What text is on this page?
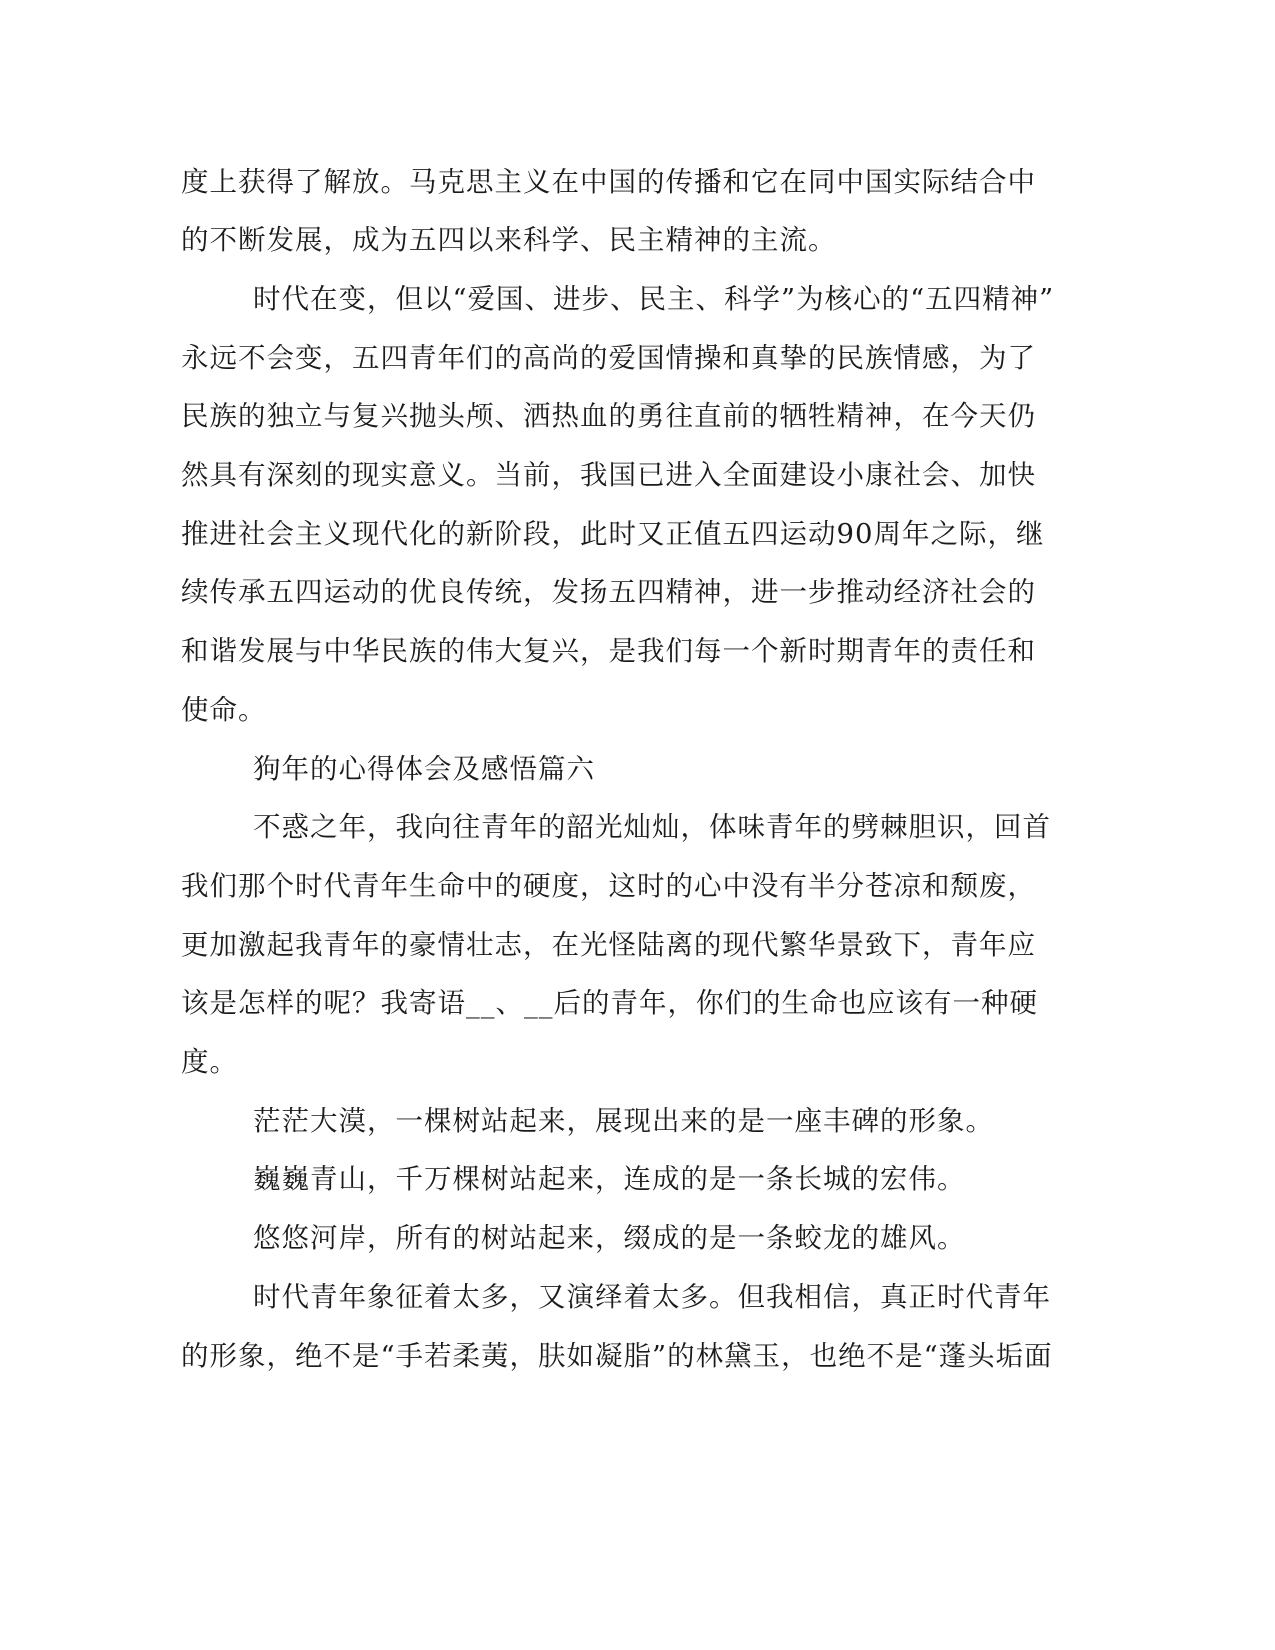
度上获得了解放。马克思主义在中国的传播和它在同中国实际结合中
的不断发展，成为五四以来科学、民主精神的主流。
时代在变，但以“爱国、进步、民主、科学”为核心的“五四精神”
永远不会变，五四青年们的高尚的爱国情操和真挚的民族情感，为了
民族的独立与复兴抛头颅、洒热血的勇往直前的牺牲精神，在今天仍
然具有深刻的现实意义。当前，我国已进入全面建设小康社会、加快
推进社会主义现代化的新阶段，此时又正值五四运动90周年之际，继
续传承五四运动的优良传统，发扬五四精神，进一步推动经济社会的
和谐发展与中华民族的伟大复兴，是我们每一个新时期青年的责任和
使命。
狗年的心得体会及感悟篇六
不惑之年，我向往青年的韶光灿灿，体味青年的劈棘胆识，回首
我们那个时代青年生命中的硬度，这时的心中没有半分苍凉和颓废，
更加激起我青年的豪情壮志，在光怪陆离的现代繁华景致下，青年应
该是怎样的呢？我寄语__、__后的青年，你们的生命也应该有一种硬
度。
茫茫大漠，一棵树站起来，展现出来的是一座丰碑的形象。
巍巍青山，千万棵树站起来，连成的是一条长城的宏伟。
悠悠河岸，所有的树站起来，缀成的是一条蛟龙的雄风。
时代青年象征着太多，又演绎着太多。但我相信，真正时代青年
的形象，绝不是“手若柔荑，肤如凝脂”的林黛玉，也绝不是“蓬头垢面
